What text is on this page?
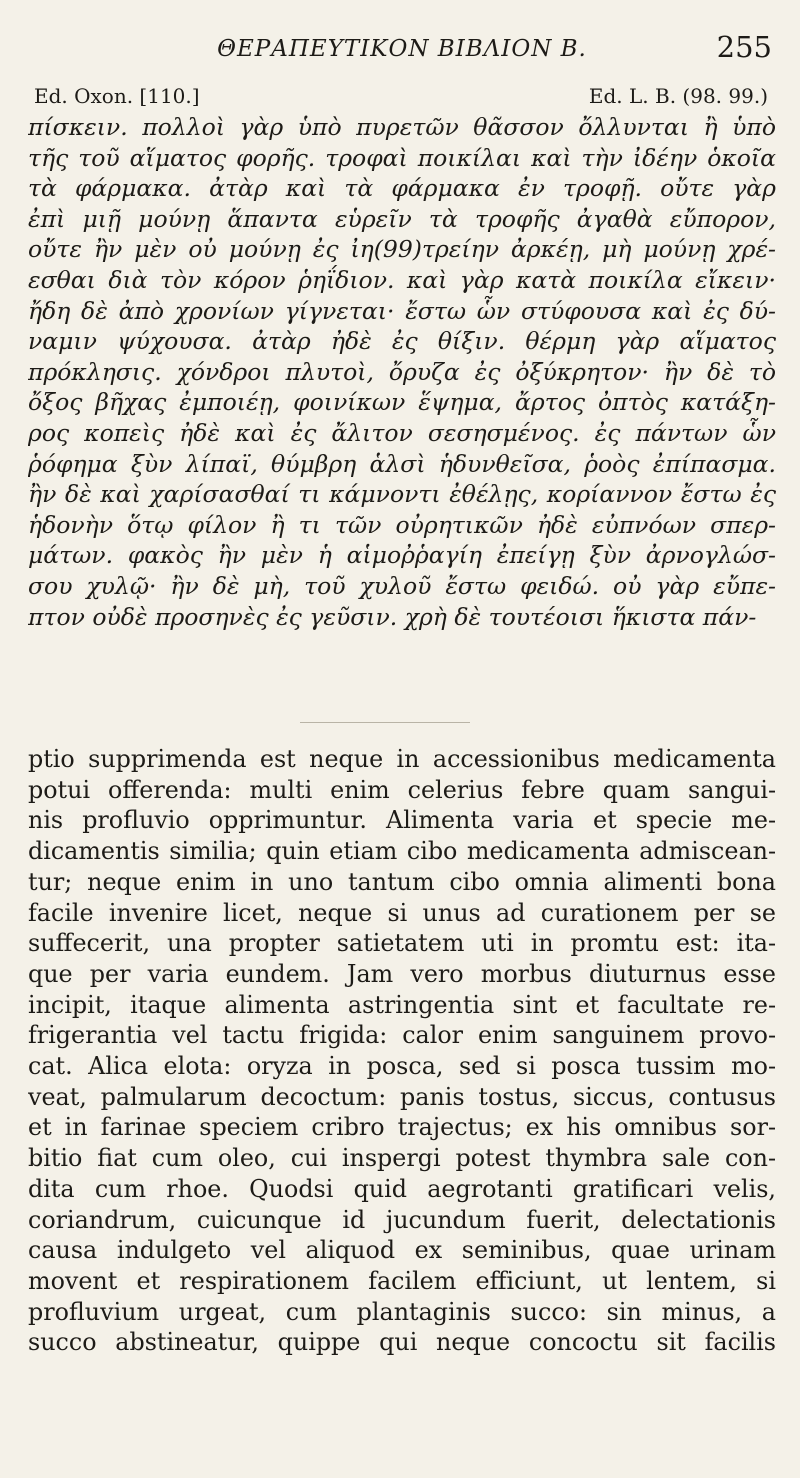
ΘΕΡΑΠΕΥΤΙΚΟΝ ΒΙΒΛΙΟΝ Β.	255
Ed. Oxon. [110.]	Ed. L. B. (98. 99.)
πίσκειν. πολλοὶ γὰρ ὑπὸ πυρετῶν θᾶσσον ὄλλυνται ἢ ὑπὸ
τῆς τοῦ αἵματος φορῆς. τροφαὶ ποικίλαι καὶ τὴν ἰδέην ὁκοῖα
τὰ φάρμακα. ἀτὰρ καὶ τὰ φάρμακα ἐν τροφῇ. οὔτε γὰρ
ἐπὶ μιῇ μούνῃ ἅπαντα εὑρεῖν τὰ τροφῆς ἀγαθὰ εὔπορον,
οὔτε ἢν μὲν οὐ μούνῃ ἐς ἰη(99)τρείην ἀρκέῃ, μὴ μούνῃ χρέ-
εσθαι διὰ τὸν κόρον ῥηΐδιον. καὶ γὰρ κατὰ ποικίλα εἴκειν·
ἤδη δὲ ἀπὸ χρονίων γίγνεται· ἔστω ὧν στύφουσα καὶ ἐς δύ-
ναμιν ψύχουσα. ἀτὰρ ἠδὲ ἐς θίξιν. θέρμη γὰρ αἵματος
πρόκλησις. χόνδροι πλυτοὶ, ὄρυζα ἐς ὀξύκρητον· ἢν δὲ τὸ
ὄξος βῆχας ἐμποιέῃ, φοινίκων ἕψημα, ἄρτος ὀπτὸς κατάξη-
ρος κοπεὶς ἠδὲ καὶ ἐς ἄλιτον σεσησμένος. ἐς πάντων ὧν
ῥόφημα ξὺν λίπαϊ, θύμβρη ἁλσὶ ἡδυνθεῖσα, ῥοὸς ἐπίπασμα.
ἢν δὲ καὶ χαρίσασθαί τι κάμνοντι ἐθέλῃς, κορίαννον ἔστω ἐς
ἡδονὴν ὅτῳ φίλον ἢ τι τῶν οὐρητικῶν ἠδὲ εὐπνόων σπερ-
μάτων. φακὸς ἢν μὲν ἡ αἱμοῤῥαγίη ἐπείγῃ ξὺν ἀρνογλώσ-
σου χυλῷ· ἢν δὲ μὴ, τοῦ χυλοῦ ἔστω φειδώ. οὐ γὰρ εὔπε-
πτον οὐδὲ προσηνὲς ἐς γεῦσιν. χρὴ δὲ τουτέοισι ἥκιστα πάν-
ptio supprimenda est neque in accessionibus medicamenta
potui offerenda: multi enim celerius febre quam sangui-
nis profluvio opprimuntur. Alimenta varia et specie me-
dicamentis similia; quin etiam cibo medicamenta admiscean-
tur; neque enim in uno tantum cibo omnia alimenti bona
facile invenire licet, neque si unus ad curationem per se
suffecerit, una propter satietatem uti in promtu est: ita-
que per varia eundem. Jam vero morbus diuturnus esse
incipit, itaque alimenta astringentia sint et facultate re-
frigerantia vel tactu frigida: calor enim sanguinem provo-
cat. Alica elota: oryza in posca, sed si posca tussim mo-
veat, palmularum decoctum: panis tostus, siccus, contusus
et in farinae speciem cribro trajectus; ex his omnibus sor-
bitio fiat cum oleo, cui inspergi potest thymbra sale con-
dita cum rhoe. Quodsi quid aegrotanti gratificari velis,
coriandrum, cuicunque id jucundum fuerit, delectationis
causa indulgeto vel aliquod ex seminibus, quae urinam
movent et respirationem facilem efficiunt, ut lentem, si
profluvium urgeat, cum plantaginis succo: sin minus, a
succo abstineatur, quippe qui neque concoctu sit facilis
